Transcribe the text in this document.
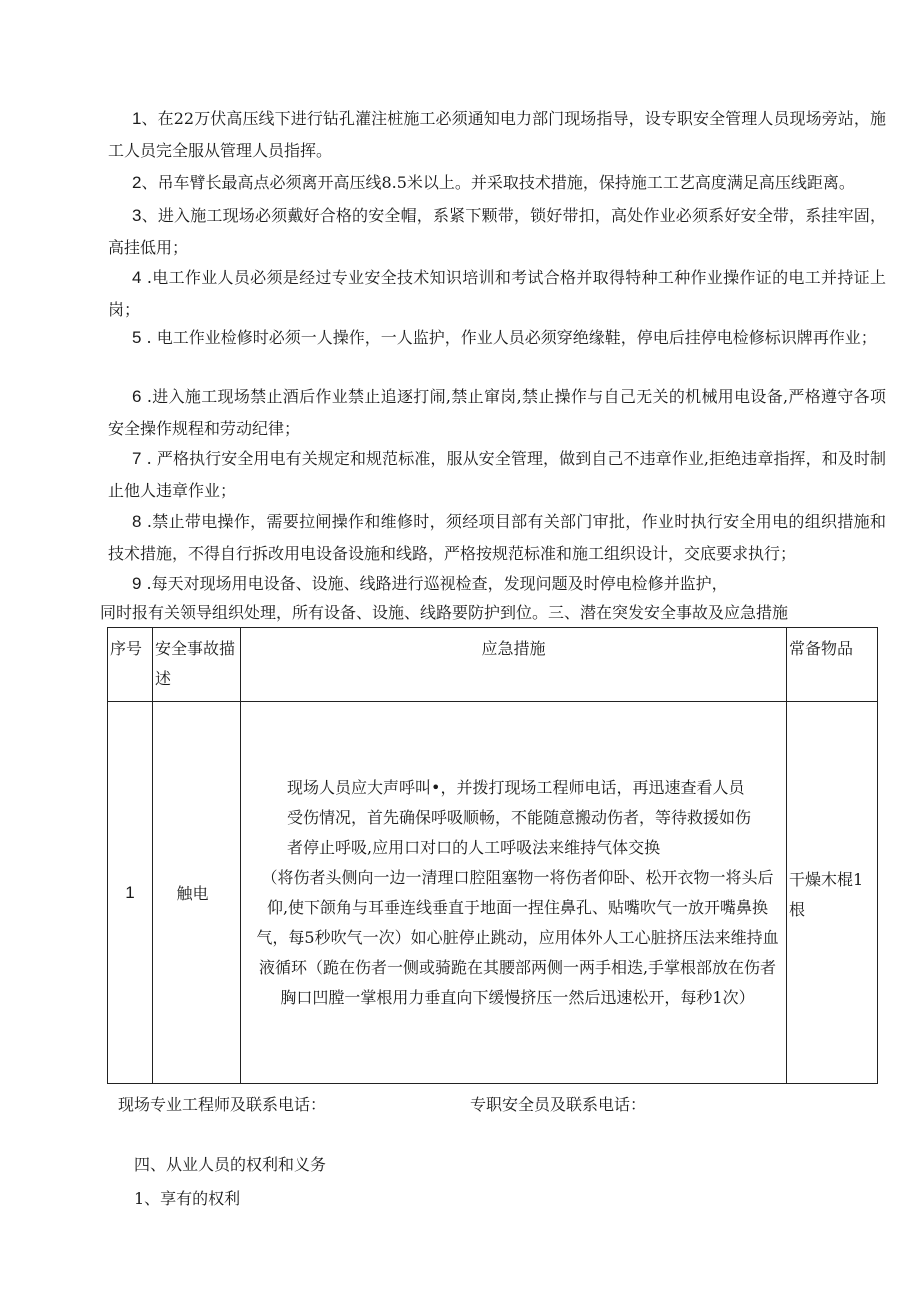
1、在22万伏高压线下进行钻孔灌注桩施工必须通知电力部门现场指导，设专职安全管理人员现场旁站，施工人员完全服从管理人员指挥。

2、吊车臂长最高点必须离开高压线8.5米以上。并采取技术措施，保持施工工艺高度满足高压线距离。

3、进入施工现场必须戴好合格的安全帽，系紧下颗带，锁好带扣，高处作业必须系好安全带，系挂牢固，高挂低用；

4 .电工作业人员必须是经过专业安全技术知识培训和考试合格并取得特种工种作业操作证的电工并持证上岗；

5 . 电工作业检修时必须一人操作，一人监护，作业人员必须穿绝缘鞋，停电后挂停电检修标识牌再作业；

6 .进入施工现场禁止酒后作业禁止追逐打闹,禁止窜岗,禁止操作与自己无关的机械用电设备,严格遵守各项安全操作规程和劳动纪律；

7 . 严格执行安全用电有关规定和规范标准，服从安全管理，做到自己不违章作业,拒绝违章指挥，和及时制止他人违章作业；

8 .禁止带电操作，需要拉闸操作和维修时，须经项目部有关部门审批，作业时执行安全用电的组织措施和技术措施，不得自行拆改用电设备设施和线路，严格按规范标准和施工组织设计，交底要求执行；

9 .每天对现场用电设备、设施、线路进行巡视检查，发现问题及时停电检修并监护，

同时报有关领导组织处理，所有设备、设施、线路要防护到位。三、潜在突发安全事故及应急措施

序号	安全事故描述	应急措施	常备物品
1	触电	现场人员应大声呼叫•，并拨打现场工程师电话，再迅速查看人员受伤情况，首先确保呼吸顺畅，不能随意搬动伤者，等待救援如伤者停止呼吸,应用口对口的人工呼吸法来维持气体交换
（将伤者头侧向一边一清理口腔阻塞物一将伤者仰卧、松开衣物一将头后仰,使下颌角与耳垂连线垂直于地面一捏住鼻孔、贴嘴吹气一放开嘴鼻换气，每5秒吹气一次）如心脏停止跳动，应用体外人工心脏挤压法来维持血液循环（跪在伤者一侧或骑跪在其腰部两侧一两手相迭,手掌根部放在伤者胸口凹膛一掌根用力垂直向下缓慢挤压一然后迅速松开，每秒1次）	干燥木棍1根

现场专业工程师及联系电话：	专职安全员及联系电话：

四、从业人员的权利和义务

1、享有的权利
